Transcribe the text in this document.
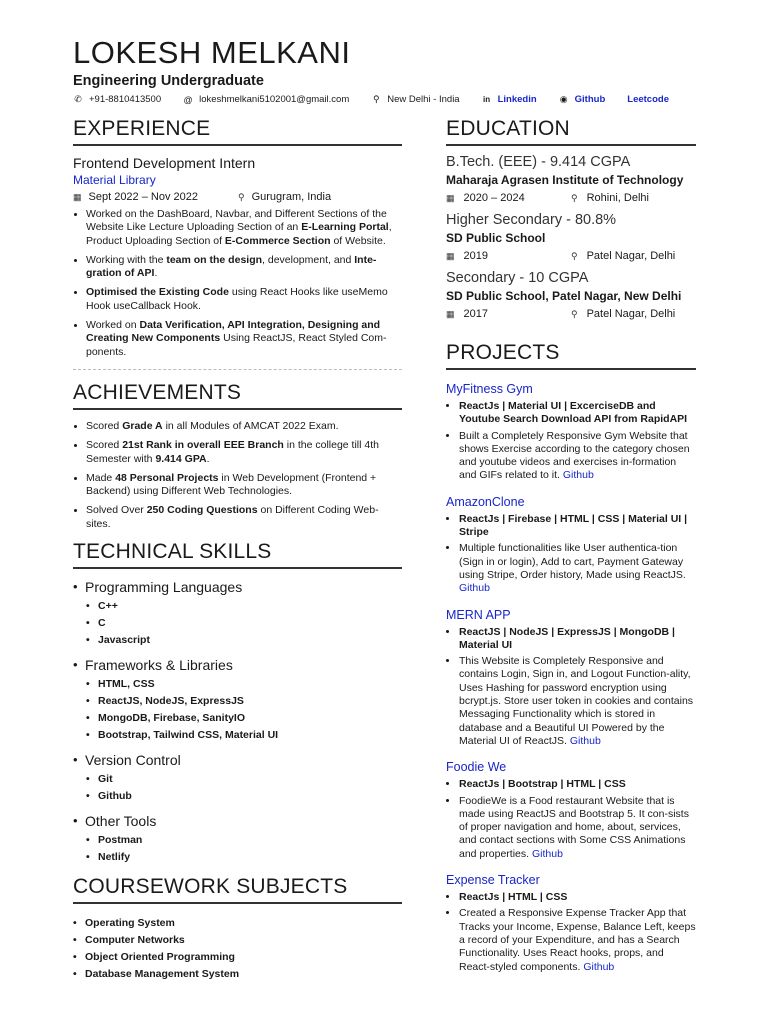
LOKESH MELKANI
Engineering Undergraduate
✆ +91-8810413500 @ lokeshmelkani5102001@gmail.com	⚲ New Delhi - India	in Linkedin	◉ Github Leetcode
EXPERIENCE
Frontend Development Intern
Material Library
▦ Sept 2022 – Nov 2022	⚲ Gurugram, India
• Worked on the DashBoard, Navbar, and Different Sections of the Website Like Lecture Uploading Section of an E-Learning Portal, Product Uploading Section of E-Commerce Section of Website.
• Working with the team on the design, development, and Inte-gration of API.
• Optimised the Existing Code using React Hooks like useMemo Hook useCallback Hook.
• Worked on Data Verification, API Integration, Designing and Creating New Components Using ReactJS, React Styled Com-ponents.
ACHIEVEMENTS
• Scored Grade A in all Modules of AMCAT 2022 Exam.
• Scored 21st Rank in overall EEE Branch in the college till 4th Semester with 9.414 GPA.
• Made 48 Personal Projects in Web Development (Frontend + Backend) using Different Web Technologies.
• Solved Over 250 Coding Questions on Different Coding Web-sites.
TECHNICAL SKILLS
• Programming Languages
• C++
• C
• Javascript
• Frameworks & Libraries
• HTML, CSS
• ReactJS, NodeJS, ExpressJS
• MongoDB, Firebase, SanityIO
• Bootstrap, Tailwind CSS, Material UI
• Version Control
• Git
• Github
• Other Tools
• Postman
• Netlify
COURSEWORK SUBJECTS
• Operating System
• Computer Networks
• Object Oriented Programming
• Database Management System
EDUCATION
B.Tech. (EEE) - 9.414 CGPA
Maharaja Agrasen Institute of Technology
▦ 2020 – 2024	⚲ Rohini, Delhi
Higher Secondary - 80.8%
SD Public School
▦ 2019	⚲ Patel Nagar, Delhi
Secondary - 10 CGPA
SD Public School, Patel Nagar, New Delhi
▦ 2017	⚲ Patel Nagar, Delhi
PROJECTS
MyFitness Gym
• ReactJs | Material UI | ExcerciseDB and Youtube Search Download API from RapidAPI
• Built a Completely Responsive Gym Website that shows Exercise according to the category chosen and youtube videos and exercises in-formation and GIFs related to it. Github
AmazonClone
• ReactJs | Firebase | HTML | CSS | Material UI | Stripe
• Multiple functionalities like User authentica-tion (Sign in or login), Add to cart, Payment Gateway using Stripe, Order history, Made using ReactJS. Github
MERN APP
• ReactJS | NodeJS | ExpressJS | MongoDB | Material UI
• This Website is Completely Responsive and contains Login, Sign in, and Logout Function-ality, Uses Hashing for password encryption using bcrypt.js. Store user token in cookies and contains Messaging Functionality which is stored in database and a Beautiful UI Powered by the Material UI of ReactJS. Github
Foodie We
• ReactJs | Bootstrap | HTML | CSS
• FoodieWe is a Food restaurant Website that is made using ReactJS and Bootstrap 5. It con-sists of proper navigation and home, about, services, and contact sections with Some CSS Animations and properties. Github
Expense Tracker
• ReactJs | HTML | CSS
• Created a Responsive Expense Tracker App that Tracks your Income, Expense, Balance Left, keeps a record of your Expenditure, and has a Search Functionality. Uses React hooks, props, and React-styled components. Github
